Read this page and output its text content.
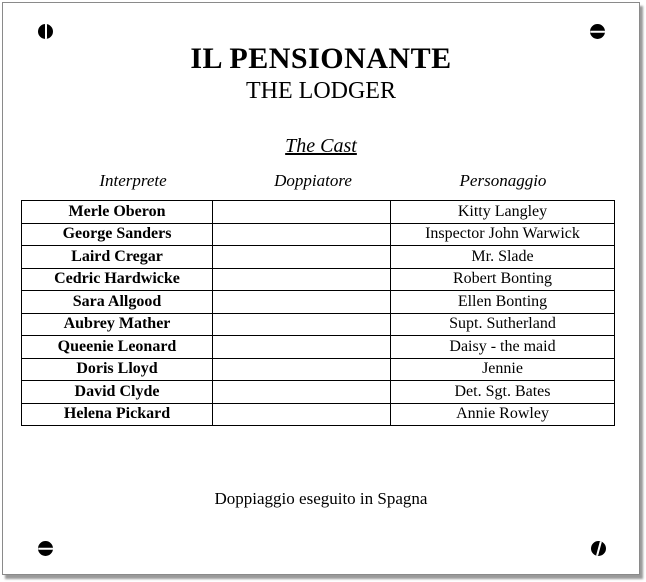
IL PENSIONANTE
THE LODGER
The Cast
Interprete	Doppiatore	Personaggio
Merle Oberon		Kitty Langley
George Sanders		Inspector John Warwick
Laird Cregar		Mr. Slade
Cedric Hardwicke		Robert Bonting
Sara Allgood		Ellen Bonting
Aubrey Mather		Supt. Sutherland
Queenie Leonard		Daisy - the maid
Doris Lloyd		Jennie
David Clyde		Det. Sgt. Bates
Helena Pickard		Annie Rowley
Doppiaggio eseguito in Spagna
